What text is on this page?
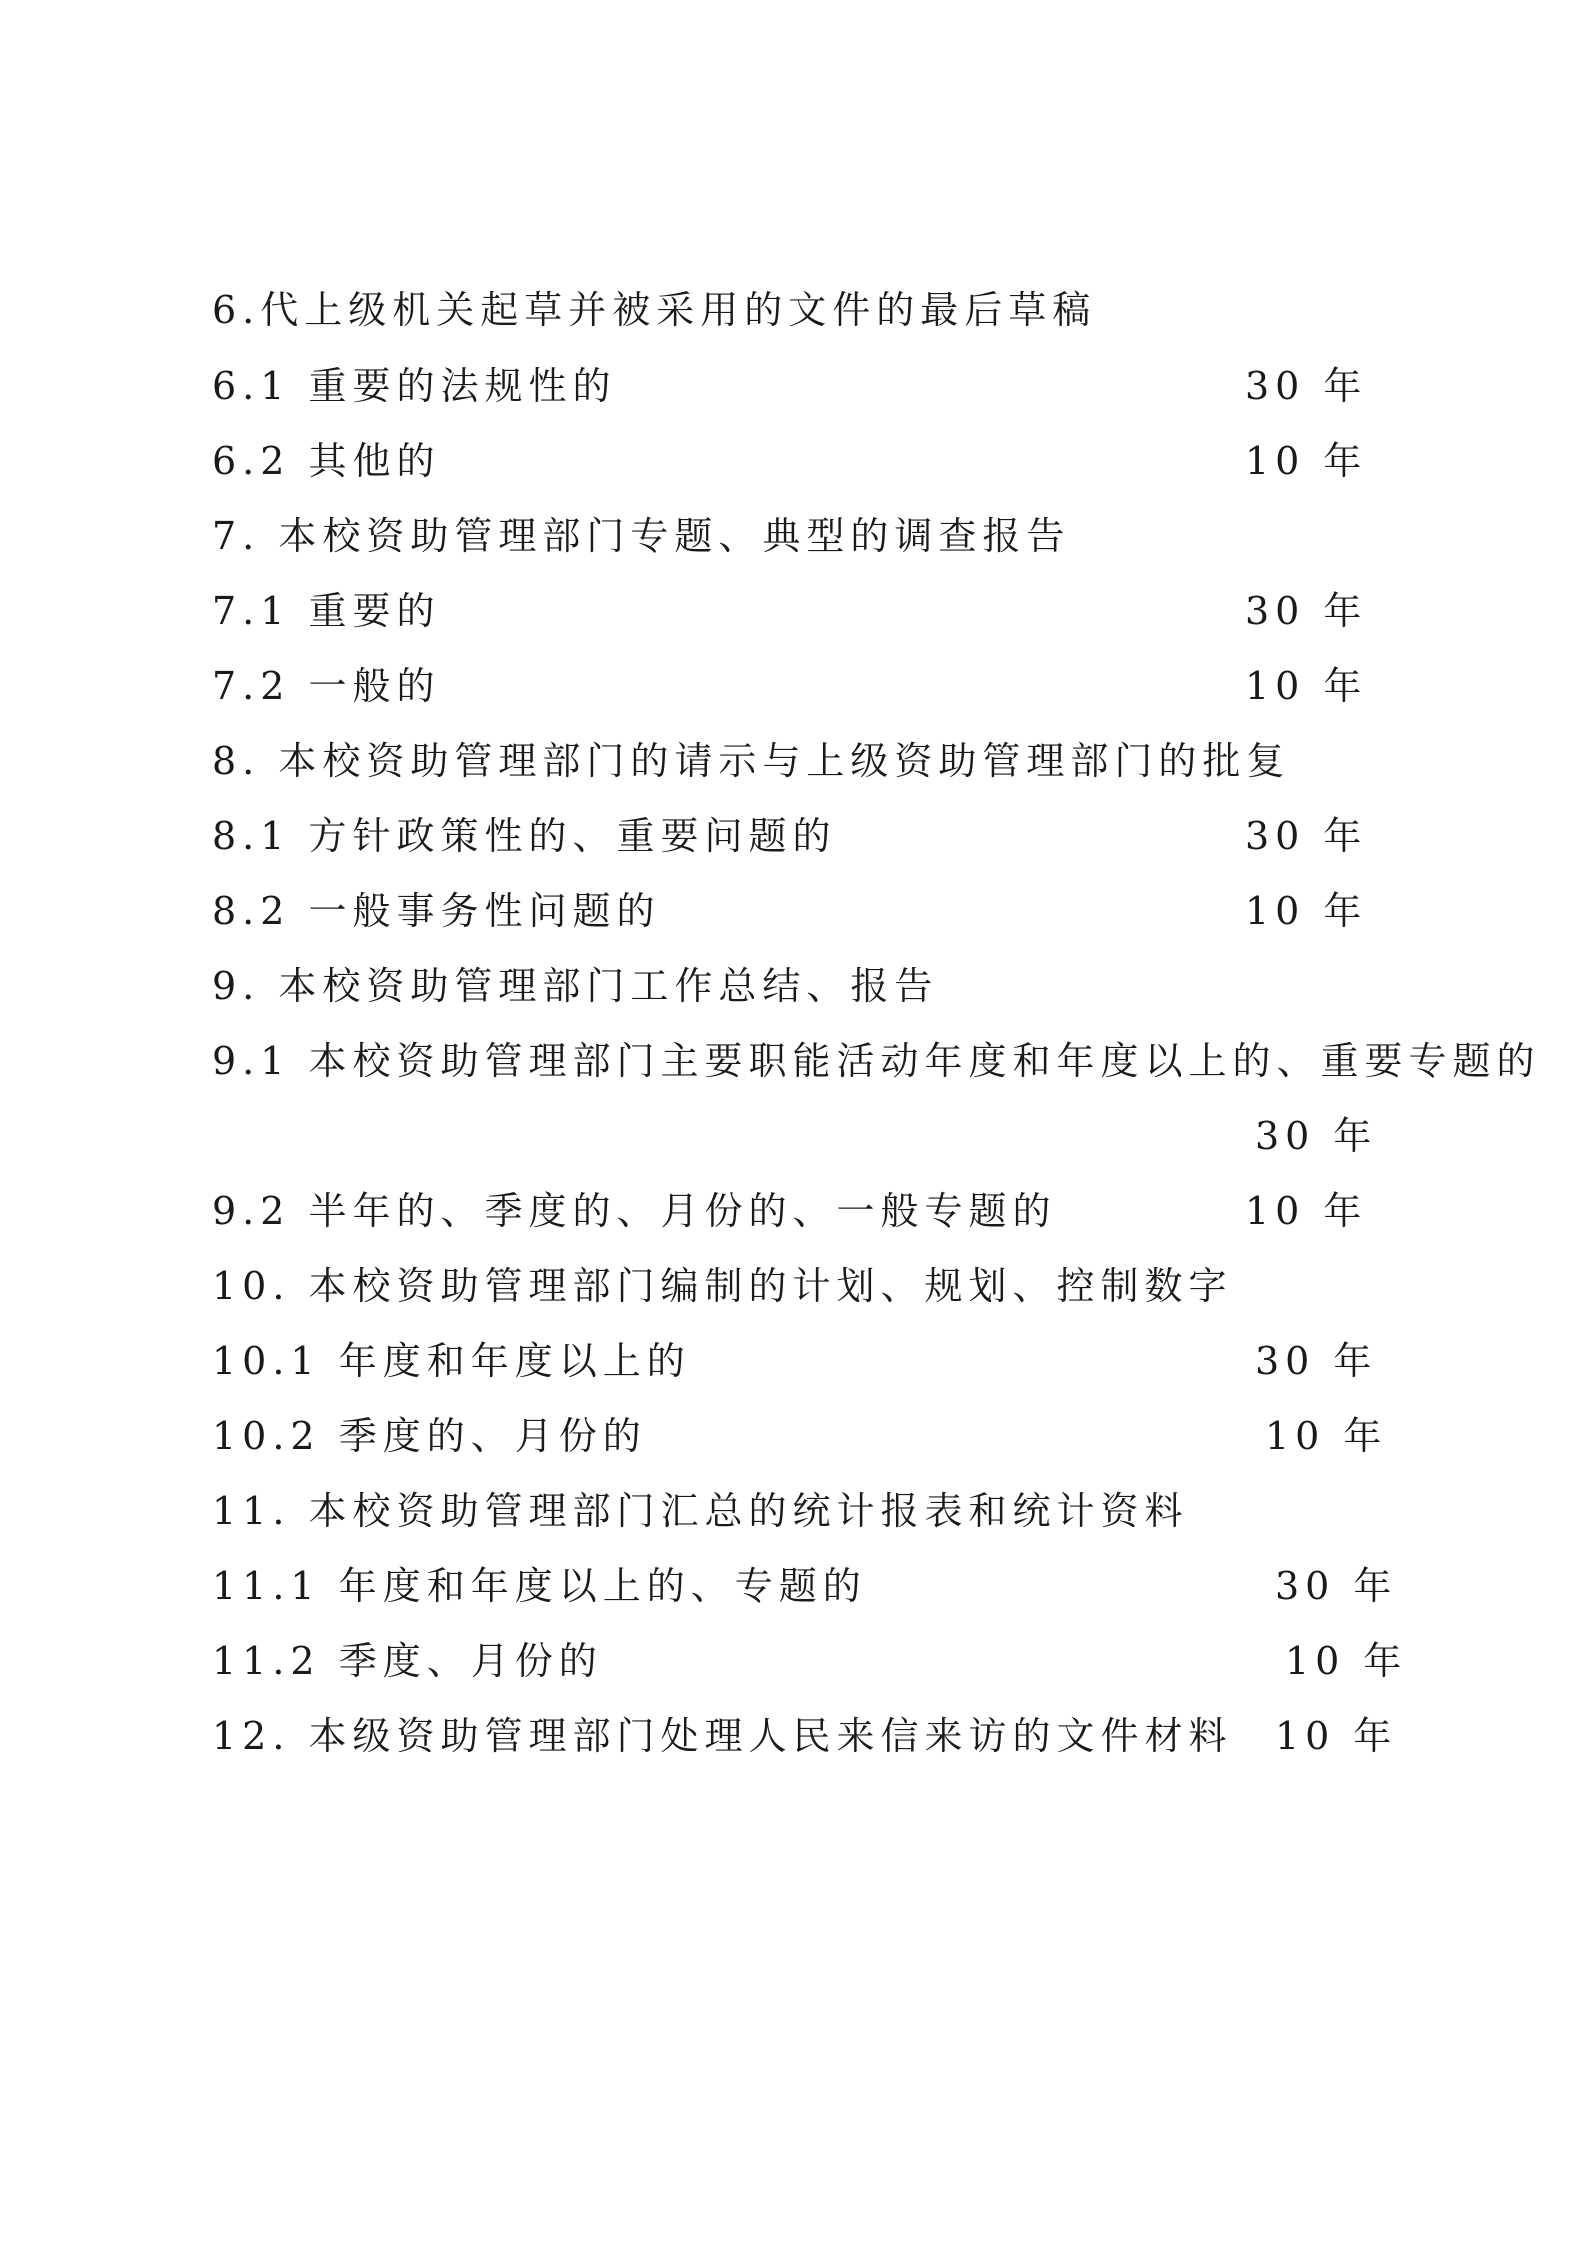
6.代上级机关起草并被采用的文件的最后草稿
6.1 重要的法规性的	30 年
6.2 其他的	10 年
7. 本校资助管理部门专题、典型的调查报告
7.1 重要的	30 年
7.2 一般的	10 年
8. 本校资助管理部门的请示与上级资助管理部门的批复
8.1 方针政策性的、重要问题的	30 年
8.2 一般事务性问题的	10 年
9. 本校资助管理部门工作总结、报告
9.1 本校资助管理部门主要职能活动年度和年度以上的、重要专题的
30 年
9.2 半年的、季度的、月份的、一般专题的	10 年
10. 本校资助管理部门编制的计划、规划、控制数字
10.1 年度和年度以上的	30 年
10.2 季度的、月份的	10 年
11. 本校资助管理部门汇总的统计报表和统计资料
11.1 年度和年度以上的、专题的	30 年
11.2 季度、月份的	10 年
12. 本级资助管理部门处理人民来信来访的文件材料 10 年
